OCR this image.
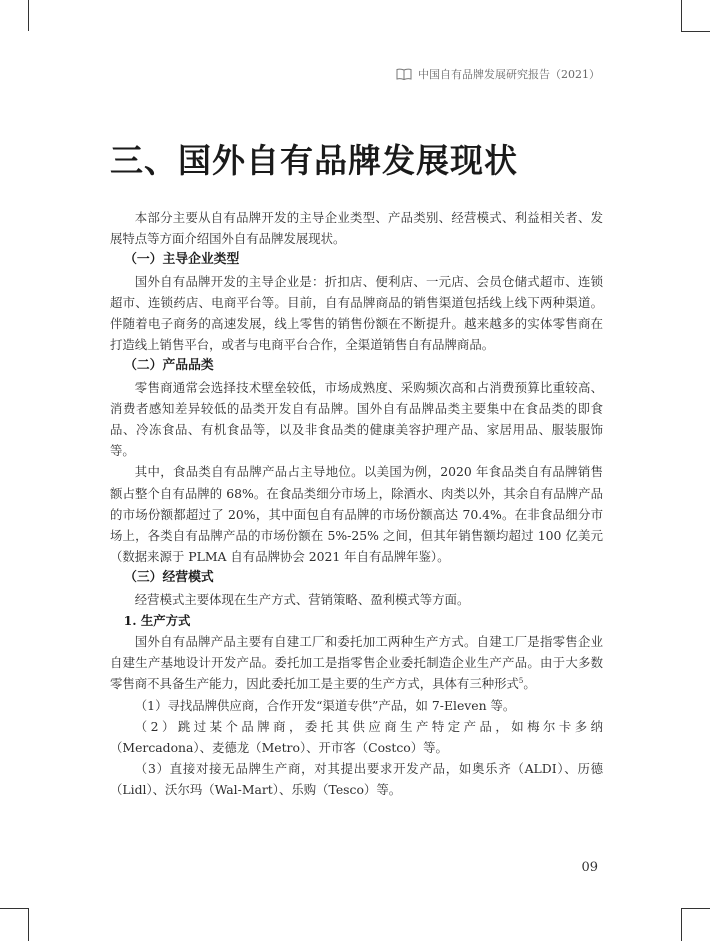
中国自有品牌发展研究报告（2021）
三、国外自有品牌发展现状

本部分主要从自有品牌开发的主导企业类型、产品类别、经营模式、利益相关者、发展特点等方面介绍国外自有品牌发展现状。

（一）主导企业类型

国外自有品牌开发的主导企业是：折扣店、便利店、一元店、会员仓储式超市、连锁超市、连锁药店、电商平台等。目前，自有品牌商品的销售渠道包括线上线下两种渠道。伴随着电子商务的高速发展，线上零售的销售份额在不断提升。越来越多的实体零售商在打造线上销售平台，或者与电商平台合作，全渠道销售自有品牌商品。

（二）产品品类

零售商通常会选择技术壁垒较低，市场成熟度、采购频次高和占消费预算比重较高、消费者感知差异较低的品类开发自有品牌。国外自有品牌品类主要集中在食品类的即食品、冷冻食品、有机食品等，以及非食品类的健康美容护理产品、家居用品、服装服饰等。

其中，食品类自有品牌产品占主导地位。以美国为例，2020 年食品类自有品牌销售额占整个自有品牌的 68%。在食品类细分市场上，除酒水、肉类以外，其余自有品牌产品的市场份额都超过了 20%，其中面包自有品牌的市场份额高达 70.4%。在非食品细分市场上，各类自有品牌产品的市场份额在 5%-25% 之间，但其年销售额均超过 100 亿美元（数据来源于 PLMA 自有品牌协会 2021 年自有品牌年鉴）。

（三）经营模式

经营模式主要体现在生产方式、营销策略、盈利模式等方面。

1. 生产方式

国外自有品牌产品主要有自建工厂和委托加工两种生产方式。自建工厂是指零售企业自建生产基地设计开发产品。委托加工是指零售企业委托制造企业生产产品。由于大多数零售商不具备生产能力，因此委托加工是主要的生产方式，具体有三种形式$^5$。

（1）寻找品牌供应商，合作开发“渠道专供”产品，如 7-Eleven 等。

（2）跳过某个品牌商，委托其供应商生产特定产品，如梅尔卡多纳（Mercadona）、麦德龙（Metro）、开市客（Costco）等。

（3）直接对接无品牌生产商，对其提出要求开发产品，如奥乐齐（ALDI）、历德（Lidl）、沃尔玛（Wal-Mart）、乐购（Tesco）等。

09
